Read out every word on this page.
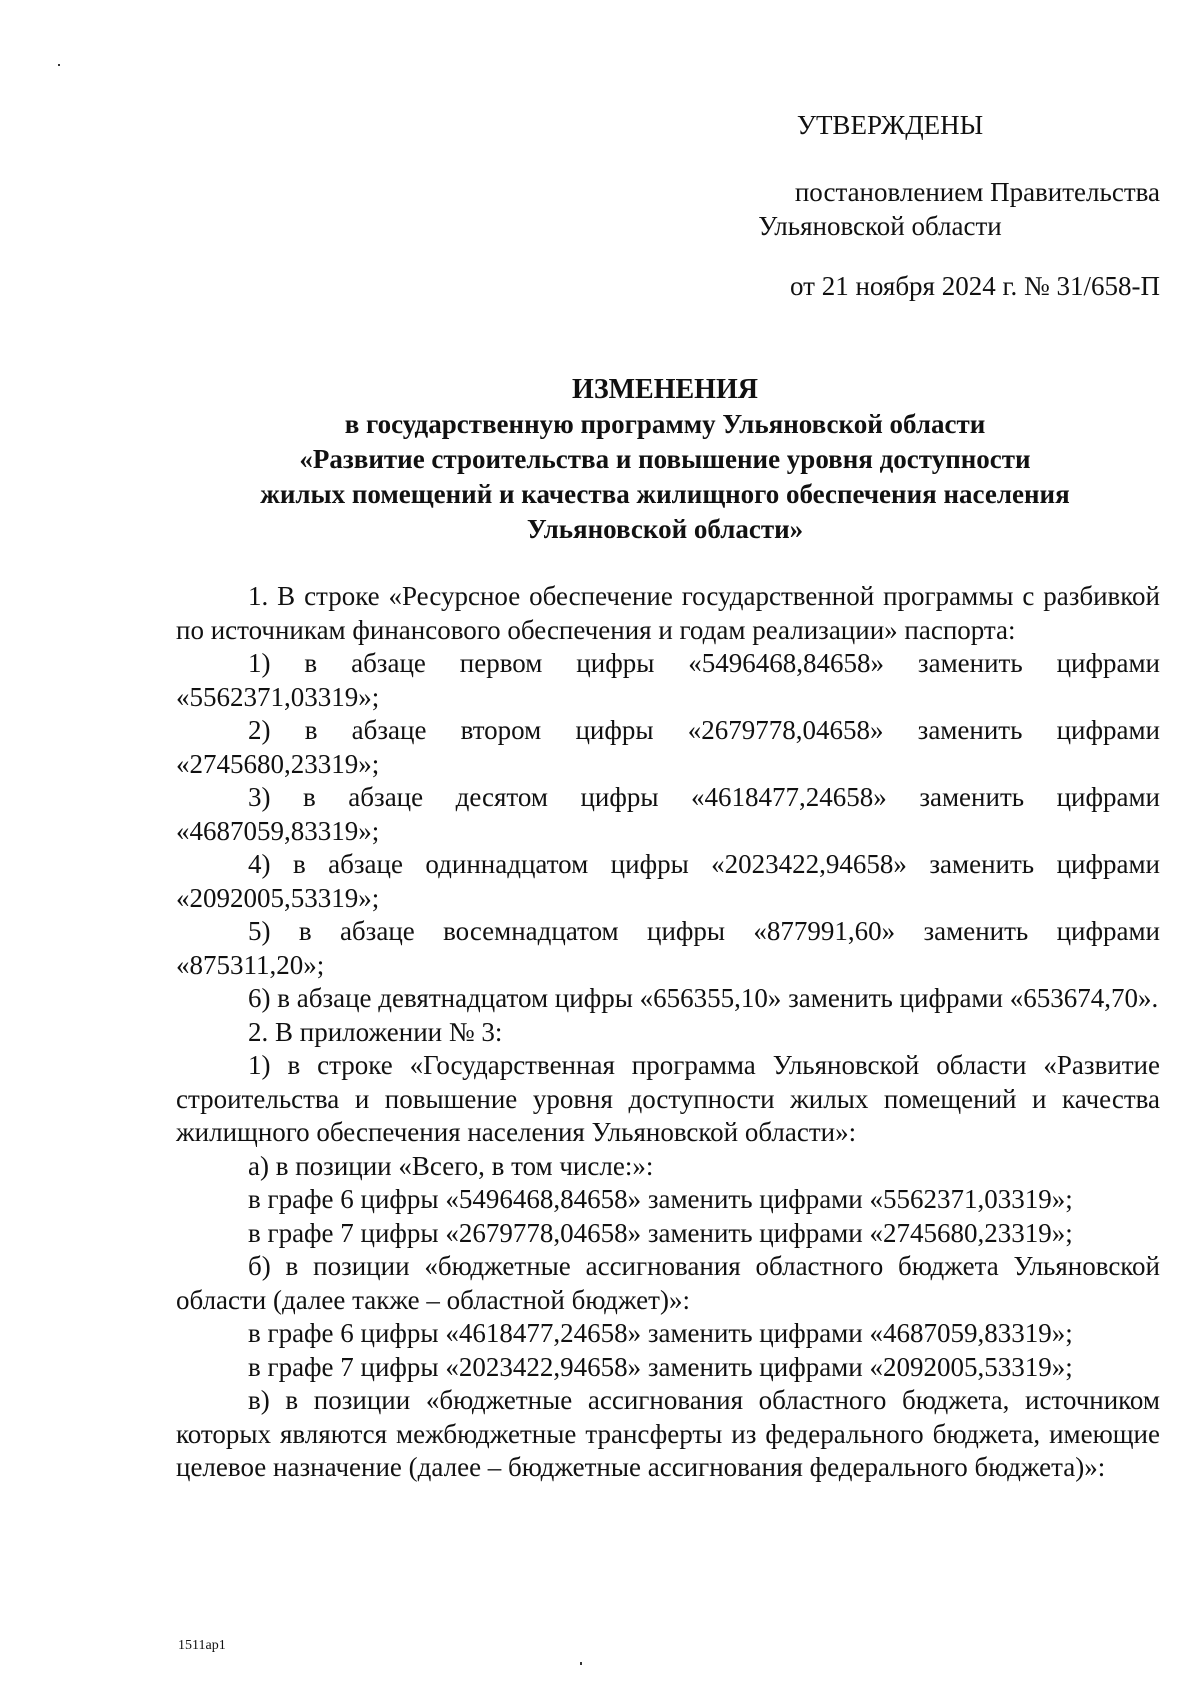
УТВЕРЖДЕНЫ
постановлением Правительства
Ульяновской области
от 21 ноября 2024 г. № 31/658-П
ИЗМЕНЕНИЯ
в государственную программу Ульяновской области
«Развитие строительства и повышение уровня доступности
жилых помещений и качества жилищного обеспечения населения
Ульяновской области»

1. В строке «Ресурсное обеспечение государственной программы с разбивкой по источникам финансового обеспечения и годам реализации» паспорта:

1) в абзаце первом цифры «5496468,84658» заменить цифрами «5562371,03319»;

2) в абзаце втором цифры «2679778,04658» заменить цифрами «2745680,23319»;

3) в абзаце десятом цифры «4618477,24658» заменить цифрами «4687059,83319»;

4) в абзаце одиннадцатом цифры «2023422,94658» заменить цифрами «2092005,53319»;

5) в абзаце восемнадцатом цифры «877991,60» заменить цифрами «875311,20»;

6) в абзаце девятнадцатом цифры «656355,10» заменить цифрами «653674,70».

2. В приложении № 3:

1) в строке «Государственная программа Ульяновской области «Развитие строительства и повышение уровня доступности жилых помещений и качества жилищного обеспечения населения Ульяновской области»:

а) в позиции «Всего, в том числе:»:

в графе 6 цифры «5496468,84658» заменить цифрами «5562371,03319»;

в графе 7 цифры «2679778,04658» заменить цифрами «2745680,23319»;

б) в позиции «бюджетные ассигнования областного бюджета Ульяновской области (далее также – областной бюджет)»:

в графе 6 цифры «4618477,24658» заменить цифрами «4687059,83319»;

в графе 7 цифры «2023422,94658» заменить цифрами «2092005,53319»;

в) в позиции «бюджетные ассигнования областного бюджета, источником которых являются межбюджетные трансферты из федерального бюджета, имеющие целевое назначение (далее – бюджетные ассигнования федерального бюджета)»:

1511ap1
